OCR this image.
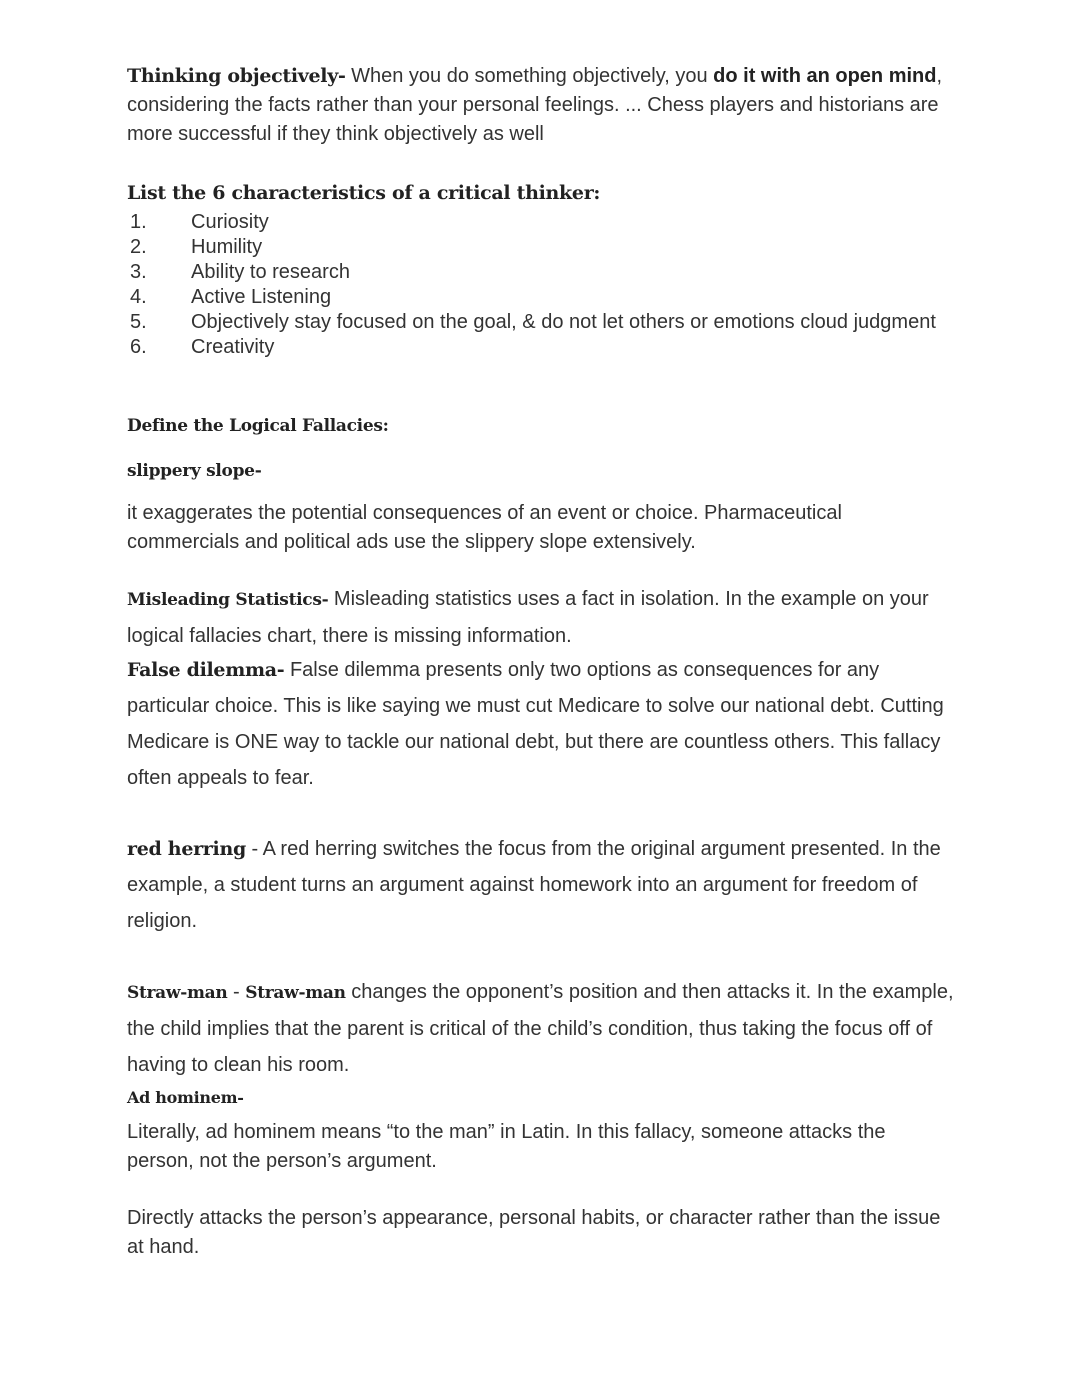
Thinking objectively- When you do something objectively, you do it with an open mind, considering the facts rather than your personal feelings. ... Chess players and historians are more successful if they think objectively as well

List the 6 characteristics of a critical thinker:
1. Curiosity
2. Humility
3. Ability to research
4. Active Listening
5. Objectively stay focused on the goal, & do not let others or emotions cloud judgment
6. Creativity
Define the Logical Fallacies:
slippery slope-

it exaggerates the potential consequences of an event or choice. Pharmaceutical commercials and political ads use the slippery slope extensively.

Misleading Statistics- Misleading statistics uses a fact in isolation. In the example on your logical fallacies chart, there is missing information.

False dilemma- False dilemma presents only two options as consequences for any particular choice. This is like saying we must cut Medicare to solve our national debt. Cutting Medicare is ONE way to tackle our national debt, but there are countless others. This fallacy often appeals to fear.

red herring - A red herring switches the focus from the original argument presented. In the example, a student turns an argument against homework into an argument for freedom of religion.

Straw-man - Straw-man changes the opponent’s position and then attacks it. In the example, the child implies that the parent is critical of the child’s condition, thus taking the focus off of having to clean his room.

Ad hominem-

Literally, ad hominem means “to the man” in Latin. In this fallacy, someone attacks the person, not the person’s argument.

Directly attacks the person’s appearance, personal habits, or character rather than the issue at hand.
